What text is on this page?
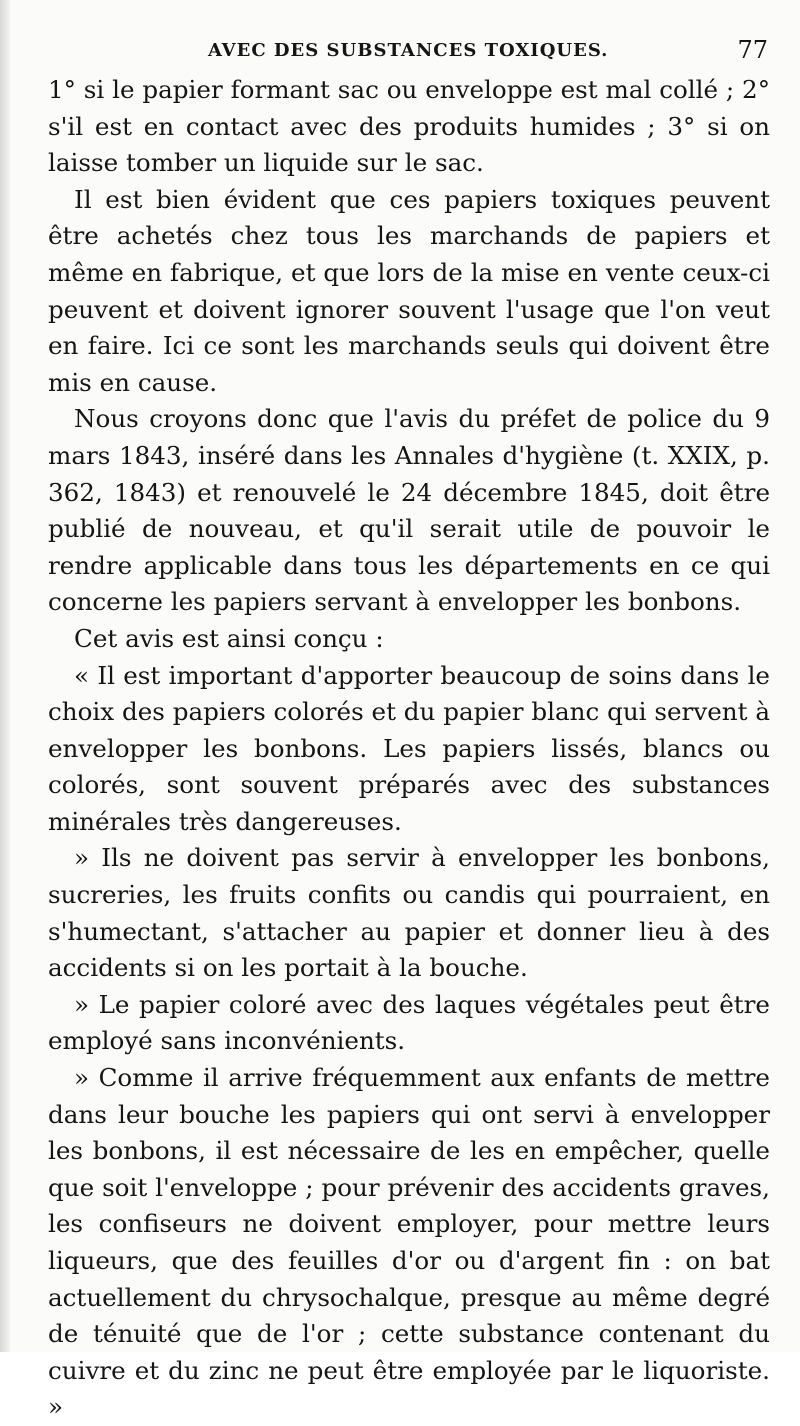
AVEC DES SUBSTANCES TOXIQUES.	77

1° si le papier formant sac ou enveloppe est mal collé ; 2° s'il est en contact avec des produits humides ; 3° si on laisse tomber un liquide sur le sac.

Il est bien évident que ces papiers toxiques peuvent être achetés chez tous les marchands de papiers et même en fabrique, et que lors de la mise en vente ceux-ci peuvent et doivent ignorer souvent l'usage que l'on veut en faire. Ici ce sont les marchands seuls qui doivent être mis en cause.

Nous croyons donc que l'avis du préfet de police du 9 mars 1843, inséré dans les Annales d'hygiène (t. XXIX, p. 362, 1843) et renouvelé le 24 décembre 1845, doit être publié de nouveau, et qu'il serait utile de pouvoir le rendre applicable dans tous les départements en ce qui concerne les papiers servant à envelopper les bonbons.

Cet avis est ainsi conçu :

« Il est important d'apporter beaucoup de soins dans le choix des papiers colorés et du papier blanc qui servent à envelopper les bonbons. Les papiers lissés, blancs ou colorés, sont souvent préparés avec des substances minérales très dangereuses.

» Ils ne doivent pas servir à envelopper les bonbons, sucreries, les fruits confits ou candis qui pourraient, en s'humectant, s'attacher au papier et donner lieu à des accidents si on les portait à la bouche.

» Le papier coloré avec des laques végétales peut être employé sans inconvénients.

» Comme il arrive fréquemment aux enfants de mettre dans leur bouche les papiers qui ont servi à envelopper les bonbons, il est nécessaire de les en empêcher, quelle que soit l'enveloppe ; pour prévenir des accidents graves, les confiseurs ne doivent employer, pour mettre leurs liqueurs, que des feuilles d'or ou d'argent fin : on bat actuellement du chrysochalque, presque au même degré de ténuité que de l'or ; cette substance contenant du cuivre et du zinc ne peut être employée par le liquoriste. »
